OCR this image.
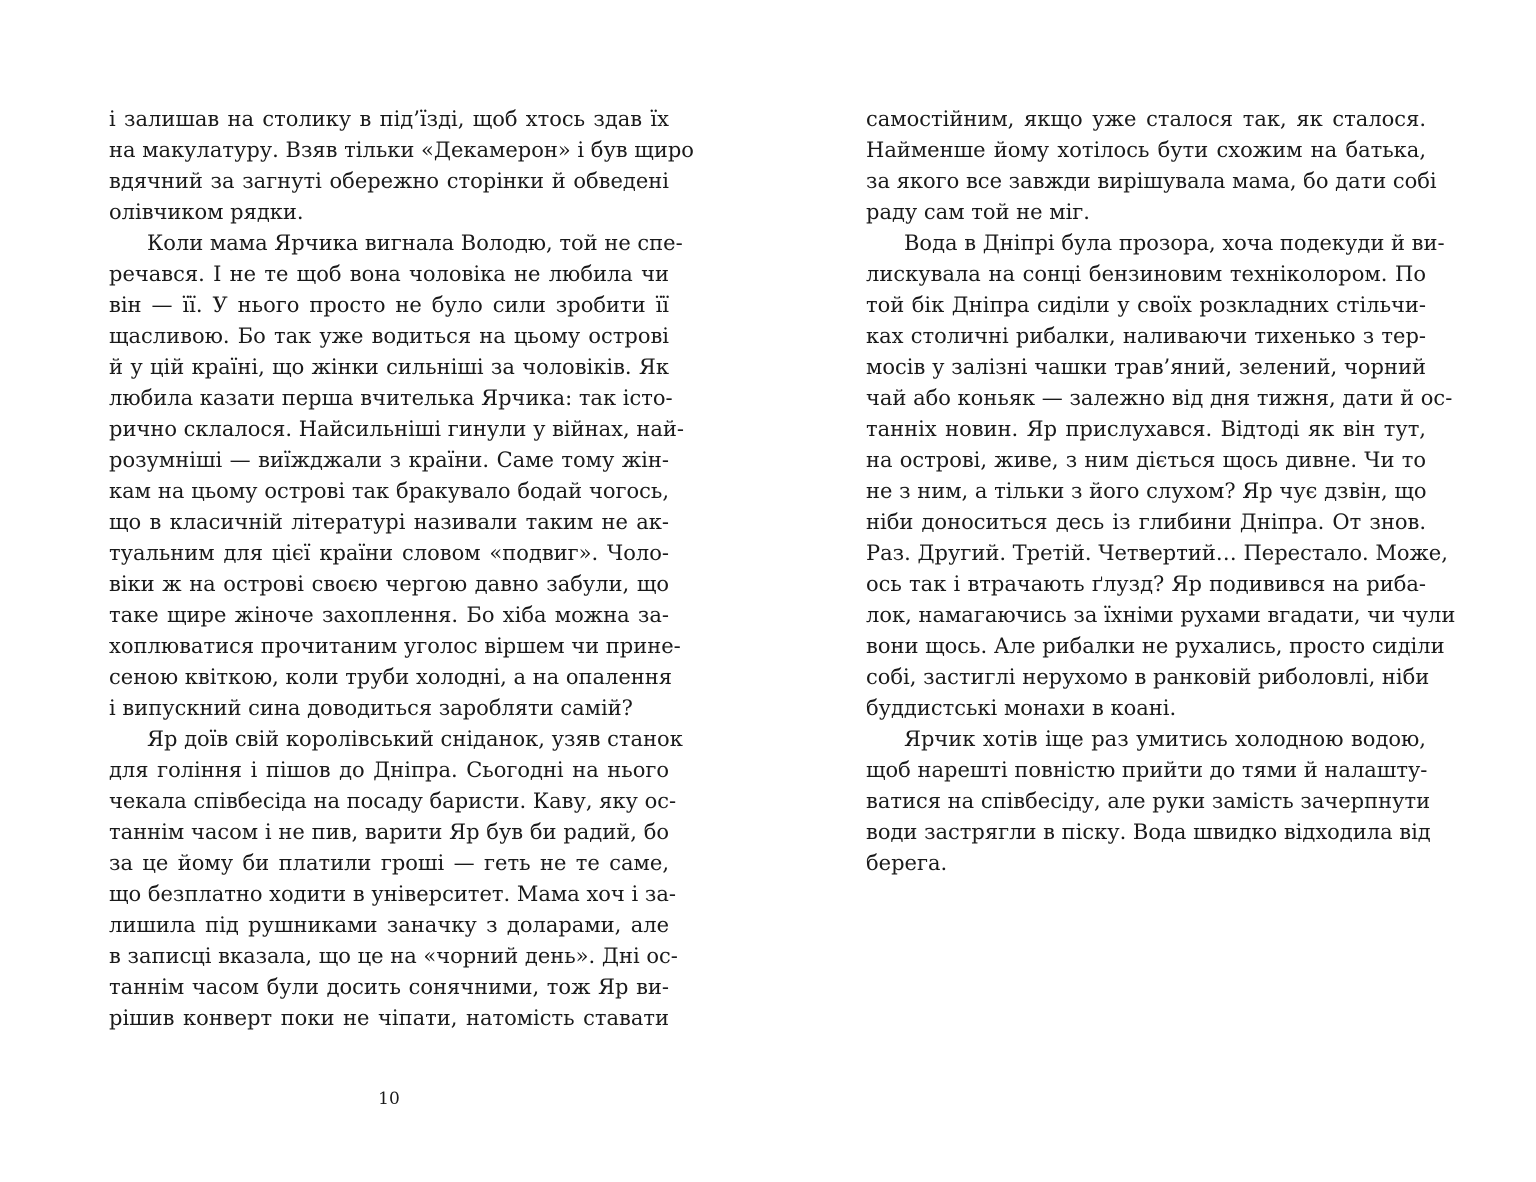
і залишав на столику в під’їзді, щоб хтось здав їх
на макулатуру. Взяв тільки «Декамерон» і був щиро
вдячний за загнуті обережно сторінки й обведені
олівчиком рядки.
Коли мама Ярчика вигнала Володю, той не спе-
речався. І не те щоб вона чоловіка не любила чи
він — її. У нього просто не було сили зробити її
щасливою. Бо так уже водиться на цьому острові
й у цій країні, що жінки сильніші за чоловіків. Як
любила казати перша вчителька Ярчика: так істо-
рично склалося. Найсильніші гинули у війнах, най-
розумніші — виїжджали з країни. Саме тому жін-
кам на цьому острові так бракувало бодай чогось,
що в класичній літературі називали таким не ак-
туальним для цієї країни словом «подвиг». Чоло-
віки ж на острові своєю чергою давно забули, що
таке щире жіноче захоплення. Бо хіба можна за-
хоплюватися прочитаним уголос віршем чи прине-
сеною квіткою, коли труби холодні, а на опалення
і випускний сина доводиться заробляти самій?
Яр доїв свій королівський сніданок, узяв станок
для гоління і пішов до Дніпра. Сьогодні на нього
чекала співбесіда на посаду баристи. Каву, яку ос-
таннім часом і не пив, варити Яр був би радий, бо
за це йому би платили гроші — геть не те саме,
що безплатно ходити в університет. Мама хоч і за-
лишила під рушниками заначку з доларами, але
в записці вказала, що це на «чорний день». Дні ос-
таннім часом були досить сонячними, тож Яр ви-
рішив конверт поки не чіпати, натомість ставати
10
самостійним, якщо уже сталося так, як сталося.
Найменше йому хотілось бути схожим на батька,
за якого все завжди вирішувала мама, бо дати собі
раду сам той не міг.
Вода в Дніпрі була прозора, хоча подекуди й ви-
лискувала на сонці бензиновим техніколором. По
той бік Дніпра сиділи у своїх розкладних стільчи-
ках столичні рибалки, наливаючи тихенько з тер-
мосів у залізні чашки трав’яний, зелений, чорний
чай або коньяк — залежно від дня тижня, дати й ос-
танніх новин. Яр прислухався. Відтоді як він тут,
на острові, живе, з ним діється щось дивне. Чи то
не з ним, а тільки з його слухом? Яр чує дзвін, що
ніби доноситься десь із глибини Дніпра. От знов.
Раз. Другий. Третій. Четвертий… Перестало. Може,
ось так і втрачають ґлузд? Яр подивився на риба-
лок, намагаючись за їхніми рухами вгадати, чи чули
вони щось. Але рибалки не рухались, просто сиділи
собі, застиглі нерухомо в ранковій риболовлі, ніби
буддистські монахи в коані.
Ярчик хотів іще раз умитись холодною водою,
щоб нарешті повністю прийти до тями й налашту-
ватися на співбесіду, але руки замість зачерпнути
води застрягли в піску. Вода швидко відходила від
берега.
